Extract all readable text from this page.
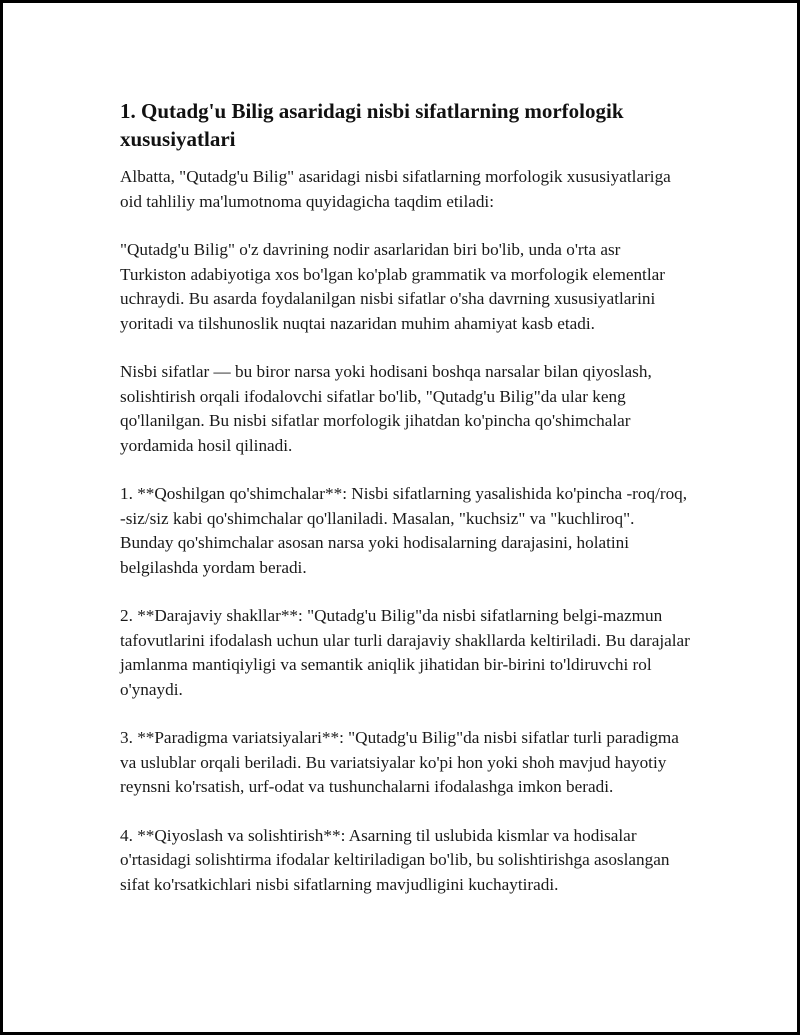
1. Qutadg'u Bilig asaridagi nisbi sifatlarning morfologik xususiyatlari

Albatta, "Qutadg'u Bilig" asaridagi nisbi sifatlarning morfologik xususiyatlariga oid tahliliy ma'lumotnoma quyidagicha taqdim etiladi:

"Qutadg'u Bilig" o'z davrining nodir asarlaridan biri bo'lib, unda o'rta asr Turkiston adabiyotiga xos bo'lgan ko'plab grammatik va morfologik elementlar uchraydi. Bu asarda foydalanilgan nisbi sifatlar o'sha davrning xususiyatlarini yoritadi va tilshunoslik nuqtai nazaridan muhim ahamiyat kasb etadi.

Nisbi sifatlar — bu biror narsa yoki hodisani boshqa narsalar bilan qiyoslash, solishtirish orqali ifodalovchi sifatlar bo'lib, "Qutadg'u Bilig"da ular keng qo'llanilgan. Bu nisbi sifatlar morfologik jihatdan ko'pincha qo'shimchalar yordamida hosil qilinadi.

1. **Qoshilgan qo'shimchalar**: Nisbi sifatlarning yasalishida ko'pincha -roq/roq, -siz/siz kabi qo'shimchalar qo'llaniladi. Masalan, "kuchsiz" va "kuchliroq". Bunday qo'shimchalar asosan narsa yoki hodisalarning darajasini, holatini belgilashda yordam beradi.

2. **Darajaviy shakllar**: "Qutadg'u Bilig"da nisbi sifatlarning belgi-mazmun tafovutlarini ifodalash uchun ular turli darajaviy shakllarda keltiriladi. Bu darajalar jamlanma mantiqiyligi va semantik aniqlik jihatidan bir-birini to'ldiruvchi rol o'ynaydi.

3. **Paradigma variatsiyalari**: "Qutadg'u Bilig"da nisbi sifatlar turli paradigma va uslublar orqali beriladi. Bu variatsiyalar ko'pi hon yoki shoh mavjud hayotiy reynsni ko'rsatish, urf-odat va tushunchalarni ifodalashga imkon beradi.

4. **Qiyoslash va solishtirish**: Asarning til uslubida kismlar va hodisalar o'rtasidagi solishtirma ifodalar keltiriladigan bo'lib, bu solishtirishga asoslangan sifat ko'rsatkichlari nisbi sifatlarning mavjudligini kuchaytiradi.
